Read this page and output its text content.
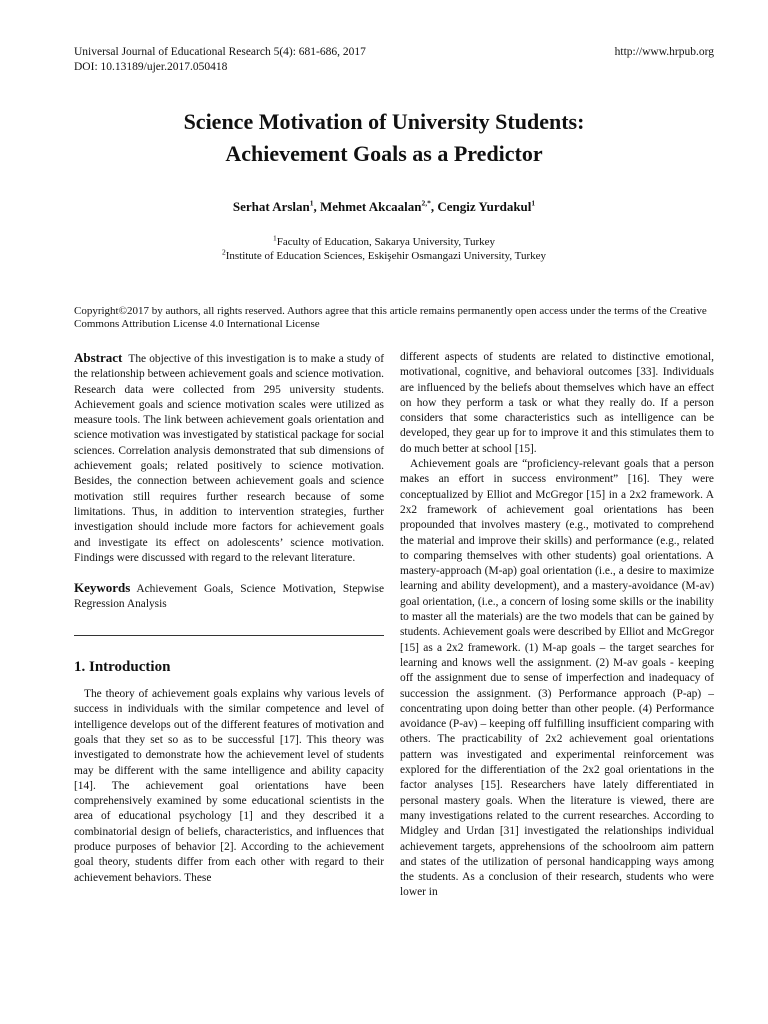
Universal Journal of Educational Research 5(4): 681-686, 2017
DOI: 10.13189/ujer.2017.050418
http://www.hrpub.org
Science Motivation of University Students:
Achievement Goals as a Predictor
Serhat Arslan$^1$, Mehmet Akcaalan$^{2,*}$, Cengiz Yurdakul$^1$
$^1$Faculty of Education, Sakarya University, Turkey
$^2$Institute of Education Sciences, Eskişehir Osmangazi University, Turkey
Copyright©2017 by authors, all rights reserved. Authors agree that this article remains permanently open access under the terms of the Creative Commons Attribution License 4.0 International License

Abstract The objective of this investigation is to make a study of the relationship between achievement goals and science motivation. Research data were collected from 295 university students. Achievement goals and science motivation scales were utilized as measure tools. The link between achievement goals orientation and science motivation was investigated by statistical package for social sciences. Correlation analysis demonstrated that sub dimensions of achievement goals; related positively to science motivation. Besides, the connection between achievement goals and science motivation still requires further research because of some limitations. Thus, in addition to intervention strategies, further investigation should include more factors for achievement goals and investigate its effect on adolescents’ science motivation. Findings were discussed with regard to the relevant literature.

Keywords Achievement Goals, Science Motivation, Stepwise Regression Analysis

1. Introduction

The theory of achievement goals explains why various levels of success in individuals with the similar competence and level of intelligence develops out of the different features of motivation and goals that they set so as to be successful [17]. This theory was investigated to demonstrate how the achievement level of students may be different with the same intelligence and ability capacity [14]. The achievement goal orientations have been comprehensively examined by some educational scientists in the area of educational psychology [1] and they described it a combinatorial design of beliefs, characteristics, and influences that produce purposes of behavior [2]. According to the achievement goal theory, students differ from each other with regard to their achievement behaviors. These

different aspects of students are related to distinctive emotional, motivational, cognitive, and behavioral outcomes [33]. Individuals are influenced by the beliefs about themselves which have an effect on how they perform a task or what they really do. If a person considers that some characteristics such as intelligence can be developed, they gear up for to improve it and this stimulates them to do much better at school [15].

Achievement goals are “proficiency-relevant goals that a person makes an effort in success environment” [16]. They were conceptualized by Elliot and McGregor [15] in a 2x2 framework. A 2x2 framework of achievement goal orientations has been propounded that involves mastery (e.g., motivated to comprehend the material and improve their skills) and performance (e.g., related to comparing themselves with other students) goal orientations. A mastery-approach (M-ap) goal orientation (i.e., a desire to maximize learning and ability development), and a mastery-avoidance (M-av) goal orientation, (i.e., a concern of losing some skills or the inability to master all the materials) are the two models that can be gained by students. Achievement goals were described by Elliot and McGregor [15] as a 2x2 framework. (1) M-ap goals – the target searches for learning and knows well the assignment. (2) M-av goals - keeping off the assignment due to sense of imperfection and inadequacy of succession the assignment. (3) Performance approach (P-ap) – concentrating upon doing better than other people. (4) Performance avoidance (P-av) – keeping off fulfilling insufficient comparing with others. The practicability of 2x2 achievement goal orientations pattern was investigated and experimental reinforcement was explored for the differentiation of the 2x2 goal orientations in the factor analyses [15]. Researchers have lately differentiated in personal mastery goals. When the literature is viewed, there are many investigations related to the current researches. According to Midgley and Urdan [31] investigated the relationships individual achievement targets, apprehensions of the schoolroom aim pattern and states of the utilization of personal handicapping ways among the students. As a conclusion of their research, students who were lower in
